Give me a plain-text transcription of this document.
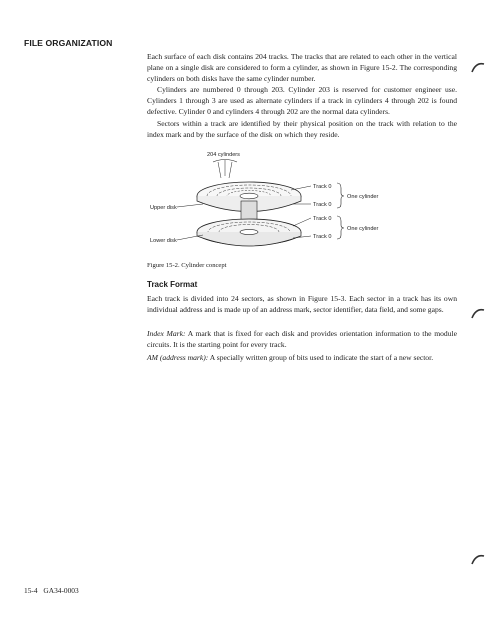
FILE ORGANIZATION

Each surface of each disk contains 204 tracks. The tracks that are related to each other in the vertical plane on a single disk are considered to form a cylinder, as shown in Figure 15-2. The corresponding cylinders on both disks have the same cylinder number.

Cylinders are numbered 0 through 203. Cylinder 203 is reserved for customer engineer use. Cylinders 1 through 3 are used as alternate cylinders if a track in cylinders 4 through 202 is found defective. Cylinder 0 and cylinders 4 through 202 are the normal data cylinders.

Sectors within a track are identified by their physical position on the track with relation to the index mark and by the surface of the disk on which they reside.

204 cylinders
Upper disk
Lower disk
Track 0
Track 0
Track 0
Track 0
One cylinder
One cylinder
Figure 15-2. Cylinder concept
Track Format

Each track is divided into 24 sectors, as shown in Figure 15-3. Each sector in a track has its own individual address and is made up of an address mark, sector identifier, data field, and some gaps.

Index Mark: A mark that is fixed for each disk and provides orientation information to the module circuits. It is the starting point for every track.
AM (address mark): A specially written group of bits used to indicate the start of a new sector.
15-4 GA34-0003
